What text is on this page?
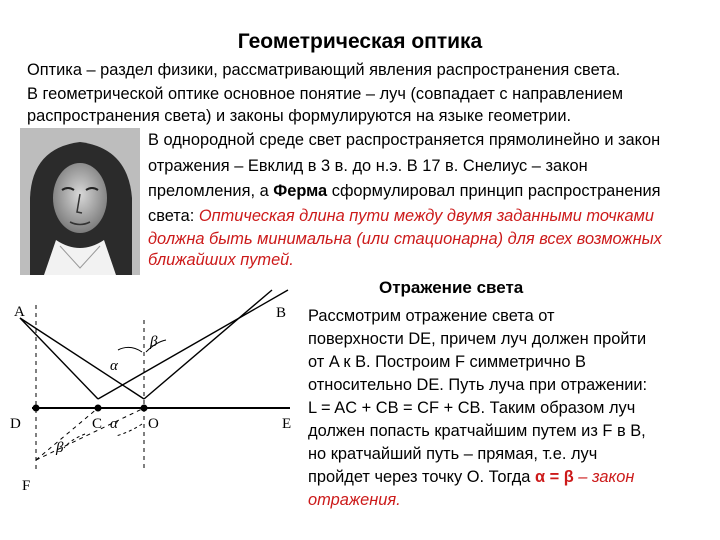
Геометрическая оптика
Оптика – раздел физики, рассматривающий явления распространения света.
В геометрической оптике основное понятие – луч (совпадает с направлением
распространения света) и законы формулируются на языке геометрии.
В однородной среде свет распространяется прямолинейно и закон
отражения – Евклид в 3 в. до н.э. В 17 в. Снелиус – закон
преломления, а Ферма сформулировал принцип распространения
света: Оптическая длина пути между двумя заданными точками
должна быть минимальна (или стационарна) для всех возможных
ближайших путей.
Отражение света
A	B
C
D	E
F
O
α
β
α
β
Рассмотрим отражение света от
поверхности DE, причем луч должен пройти
от A к B. Построим F симметрично B
относительно DE. Путь луча при отражении:
L = AC + CB = CF + CB. Таким образом луч
должен попасть кратчайшим путем из F в B,
но кратчайший путь – прямая, т.е. луч
пройдет через точку O. Тогда α = β – закон
отражения.
